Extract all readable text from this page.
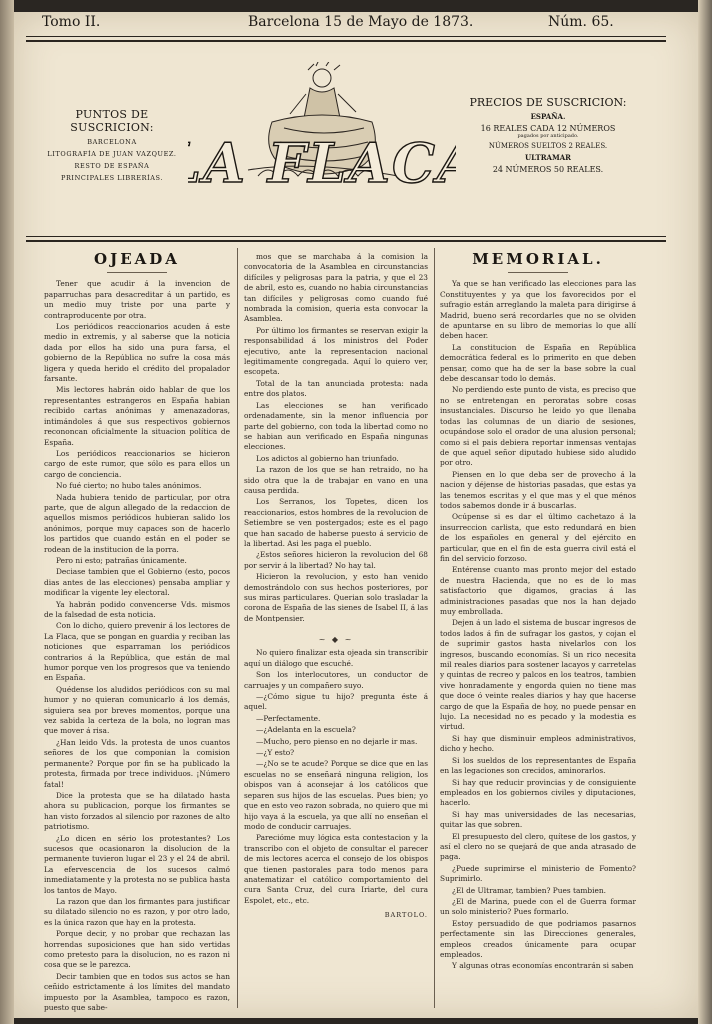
Tomo II.	Barcelona 15 de Mayo de 1873.	Núm. 65.
PUNTOS DE SUSCRICION:
BARCELONA
LITOGRAFÍA DE JUAN VAZQUEZ.
RESTO DE ESPAÑA
PRINCIPALES LIBRERÍAS. A FLAC
PRECIOS DE SUSCRICION:
ESPAÑA.
16 REALES CADA 12 NÚMEROS
pagados por anticipado.
NÚMEROS SUELTOS 2 REALES.
ULTRAMAR
24 NÚMEROS 50 REALES.
OJEADA

Tener que acudir á la invencion de paparruchas para desacreditar á un partido, es un medio muy triste por una parte y contraproducente por otra.

Los periódicos reaccionarios acuden á este medio in extremis, y al saberse que la noticia dada por ellos ha sido una pura farsa, el gobierno de la República no sufre la cosa más ligera y queda herido el crédito del propalador farsante.

Mis lectores habrán oido hablar de que los representantes estrangeros en España habian recibido cartas anónimas y amenazadoras, intimándoles á que sus respectivos gobiernos recononcan oficialmente la situacion política de España.

Los periódicos reaccionarios se hicieron cargo de este rumor, que sólo es para ellos un cargo de conciencia.

No fué cierto; no hubo tales anónimos.

Nada hubiera tenido de particular, por otra parte, que de algun allegado de la redaccion de aquellos mismos periódicos hubieran salido los anónimos, porque muy capaces son de hacerlo los partidos que cuando están en el poder se rodean de la institucion de la porra.

Pero ni esto; patrañas únicamente.

Deciase tambien que el Gobierno (esto, pocos dias antes de las elecciones) pensaba ampliar y modificar la vigente ley electoral.

Ya habrán podido convencerse Vds. mismos de la falsedad de esta noticia.

Con lo dicho, quiero prevenir á los lectores de La Flaca, que se pongan en guardia y reciban las noticiones que esparraman los periódicos contrarios á la República, que están de mal humor porque ven los progresos que va teniendo en España.

Quédense los aludidos periódicos con su mal humor y no quieran comunicarlo á los demás, siguiera sea por breves momentos, porque una vez sabida la certeza de la bola, no logran mas que mover á risa.

¿Han leido Vds. la protesta de unos cuantos señores de los que componian la comision permanente? Porque por fin se ha publicado la protesta, firmada por trece individuos. ¡Número fatal!

Dice la protesta que se ha dilatado hasta ahora su publicacion, porque los firmantes se han visto forzados al silencio por razones de alto patriotismo.

¿Lo dicen en sério los protestantes? Los sucesos que ocasionaron la disolucion de la permanente tuvieron lugar el 23 y el 24 de abril. La efervescencia de los sucesos calmó inmediatamente y la protesta no se publica hasta los tantos de Mayo.

La razon que dan los firmantes para justificar su dilatado silencio no es razon, y por otro lado, es la única razon que hay en la protesta.

Porque decir, y no probar que rechazan las horrendas suposiciones que han sido vertidas como pretesto para la disolucion, no es razon ni cosa que se le parezca.

Decir tambien que en todos sus actos se han ceñido estrictamente á los límites del mandato impuesto por la Asamblea, tampoco es razon, puesto que sabe-

mos que se marchaba á la comision la convocatoria de la Asamblea en circunstancias difíciles y peligrosas para la patria, y que el 23 de abril, esto es, cuando no habia circunstancias tan difíciles y peligrosas como cuando fué nombrada la comision, queria esta convocar la Asamblea.

Por último los firmantes se reservan exigir la responsabilidad á los ministros del Poder ejecutivo, ante la representacion nacional legitimamente congregada. Aquí lo quiero ver, escopeta.

Total de la tan anunciada protesta: nada entre dos platos.

Las elecciones se han verificado ordenadamente, sin la menor influencia por parte del gobierno, con toda la libertad como no se habian aun verificado en España ningunas elecciones.

Los adictos al gobierno han triunfado.

La razon de los que se han retraido, no ha sido otra que la de trabajar en vano en una causa perdida.

Los Serranos, los Topetes, dicen los reaccionarios, estos hombres de la revolucion de Setiembre se ven postergados; este es el pago que han sacado de haberse puesto á servicio de la libertad. Asi les paga el pueblo.

¿Estos señores hicieron la revolucion del 68 por servir á la libertad? No hay tal.

Hicieron la revolucion, y esto han venido demostrándolo con sus hechos posteriores, por sus miras particulares. Querian solo trasladar la corona de España de las sienes de Isabel II, á las de Montpensier.

~ ◆ ~

No quiero finalizar esta ojeada sin transcribir aquí un diálogo que escuché.

Son los interlocutores, un conductor de carruajes y un compañero suyo.

—¿Cómo sigue tu hijo? pregunta éste á aquel.

—Perfectamente.

—¿Adelanta en la escuela?

—Mucho, pero pienso en no dejarle ir mas.

—¿Y esto?

—¿No se te acude? Porque se dice que en las escuelas no se enseñará ninguna religion, los obispos van á aconsejar á los católicos que separen sus hijos de las escuelas. Pues bien; yo que en esto veo razon sobrada, no quiero que mi hijo vaya á la escuela, ya que allí no enseñan el modo de conducir carruajes.

Parecióme muy lógica esta contestacion y la transcribo con el objeto de consultar el parecer de mis lectores acerca el consejo de los obispos que tienen pastorales para todo menos para anatematizar el católico comportamiento del cura Santa Cruz, del cura Iriarte, del cura Espolet, etc., etc.

BARTOLO.
MEMORIAL.

Ya que se han verificado las elecciones para las Constituyentes y ya que los favorecidos por el sufragio están arreglando la maleta para dirigirse á Madrid, bueno será recordarles que no se olviden de apuntarse en su libro de memorias lo que allí deben hacer.

La constitucion de España en República democrática federal es lo primerito en que deben pensar, como que ha de ser la base sobre la cual debe descansar todo lo demás.

No perdiendo este punto de vista, es preciso que no se entretengan en peroratas sobre cosas insustanciales. Discurso he leido yo que llenaba todas las columnas de un diario de sesiones, ocupándose solo el orador de una alusion personal; como si el pais debiera reportar inmensas ventajas de que aquel señor diputado hubiese sido aludido por otro.

Piensen en lo que deba ser de provecho á la nacion y déjense de historias pasadas, que estas ya las tenemos escritas y el que mas y el que ménos todos sabemos donde ir á buscarlas.

Ocúpense si es dar el último cachetazo á la insurreccion carlista, que esto redundará en bien de los españoles en general y del ejército en particular, que en el fin de esta guerra civil está el fin del servicio forzoso.

Entérense cuanto mas pronto mejor del estado de nuestra Hacienda, que no es de lo mas satisfactorio que digamos, gracias á las administraciones pasadas que nos la han dejado muy embrollada.

Dejen á un lado el sistema de buscar ingresos de todos lados á fin de sufragar los gastos, y cojan el de suprimir gastos hasta nivelarlos con los ingresos, buscando economías. Si un rico necesita mil reales diarios para sostener lacayos y carretelas y quintas de recreo y palcos en los teatros, tambien vive honradamente y engorda quien no tiene mas que doce ó veinte reales diarios y hay que hacerse cargo de que la España de hoy, no puede pensar en lujo. La necesidad no es pecado y la modestia es virtud.

Si hay que disminuir empleos administrativos, dicho y hecho.

Si los sueldos de los representantes de España en las legaciones son crecidos, aminorarlos.

Si hay que reducir provincias y de consiguiente empleados en los gobiernos civiles y diputaciones, hacerlo.

Si hay mas universidades de las necesarias, quitar las que sobren.

El presupuesto del clero, quítese de los gastos, y así el clero no se quejará de que anda atrasado de paga.

¿Puede suprimirse el ministerio de Fomento? Suprimirlo.

¿El de Ultramar, tambien? Pues tambien.

¿El de Marina, puede con el de Guerra formar un solo ministerio? Pues formarlo.

Estoy persuadido de que podriamos pasarnos perfectamente sin las Direcciones generales, empleos creados únicamente para ocupar empleados.

Y algunas otras economías encontrarán si saben
